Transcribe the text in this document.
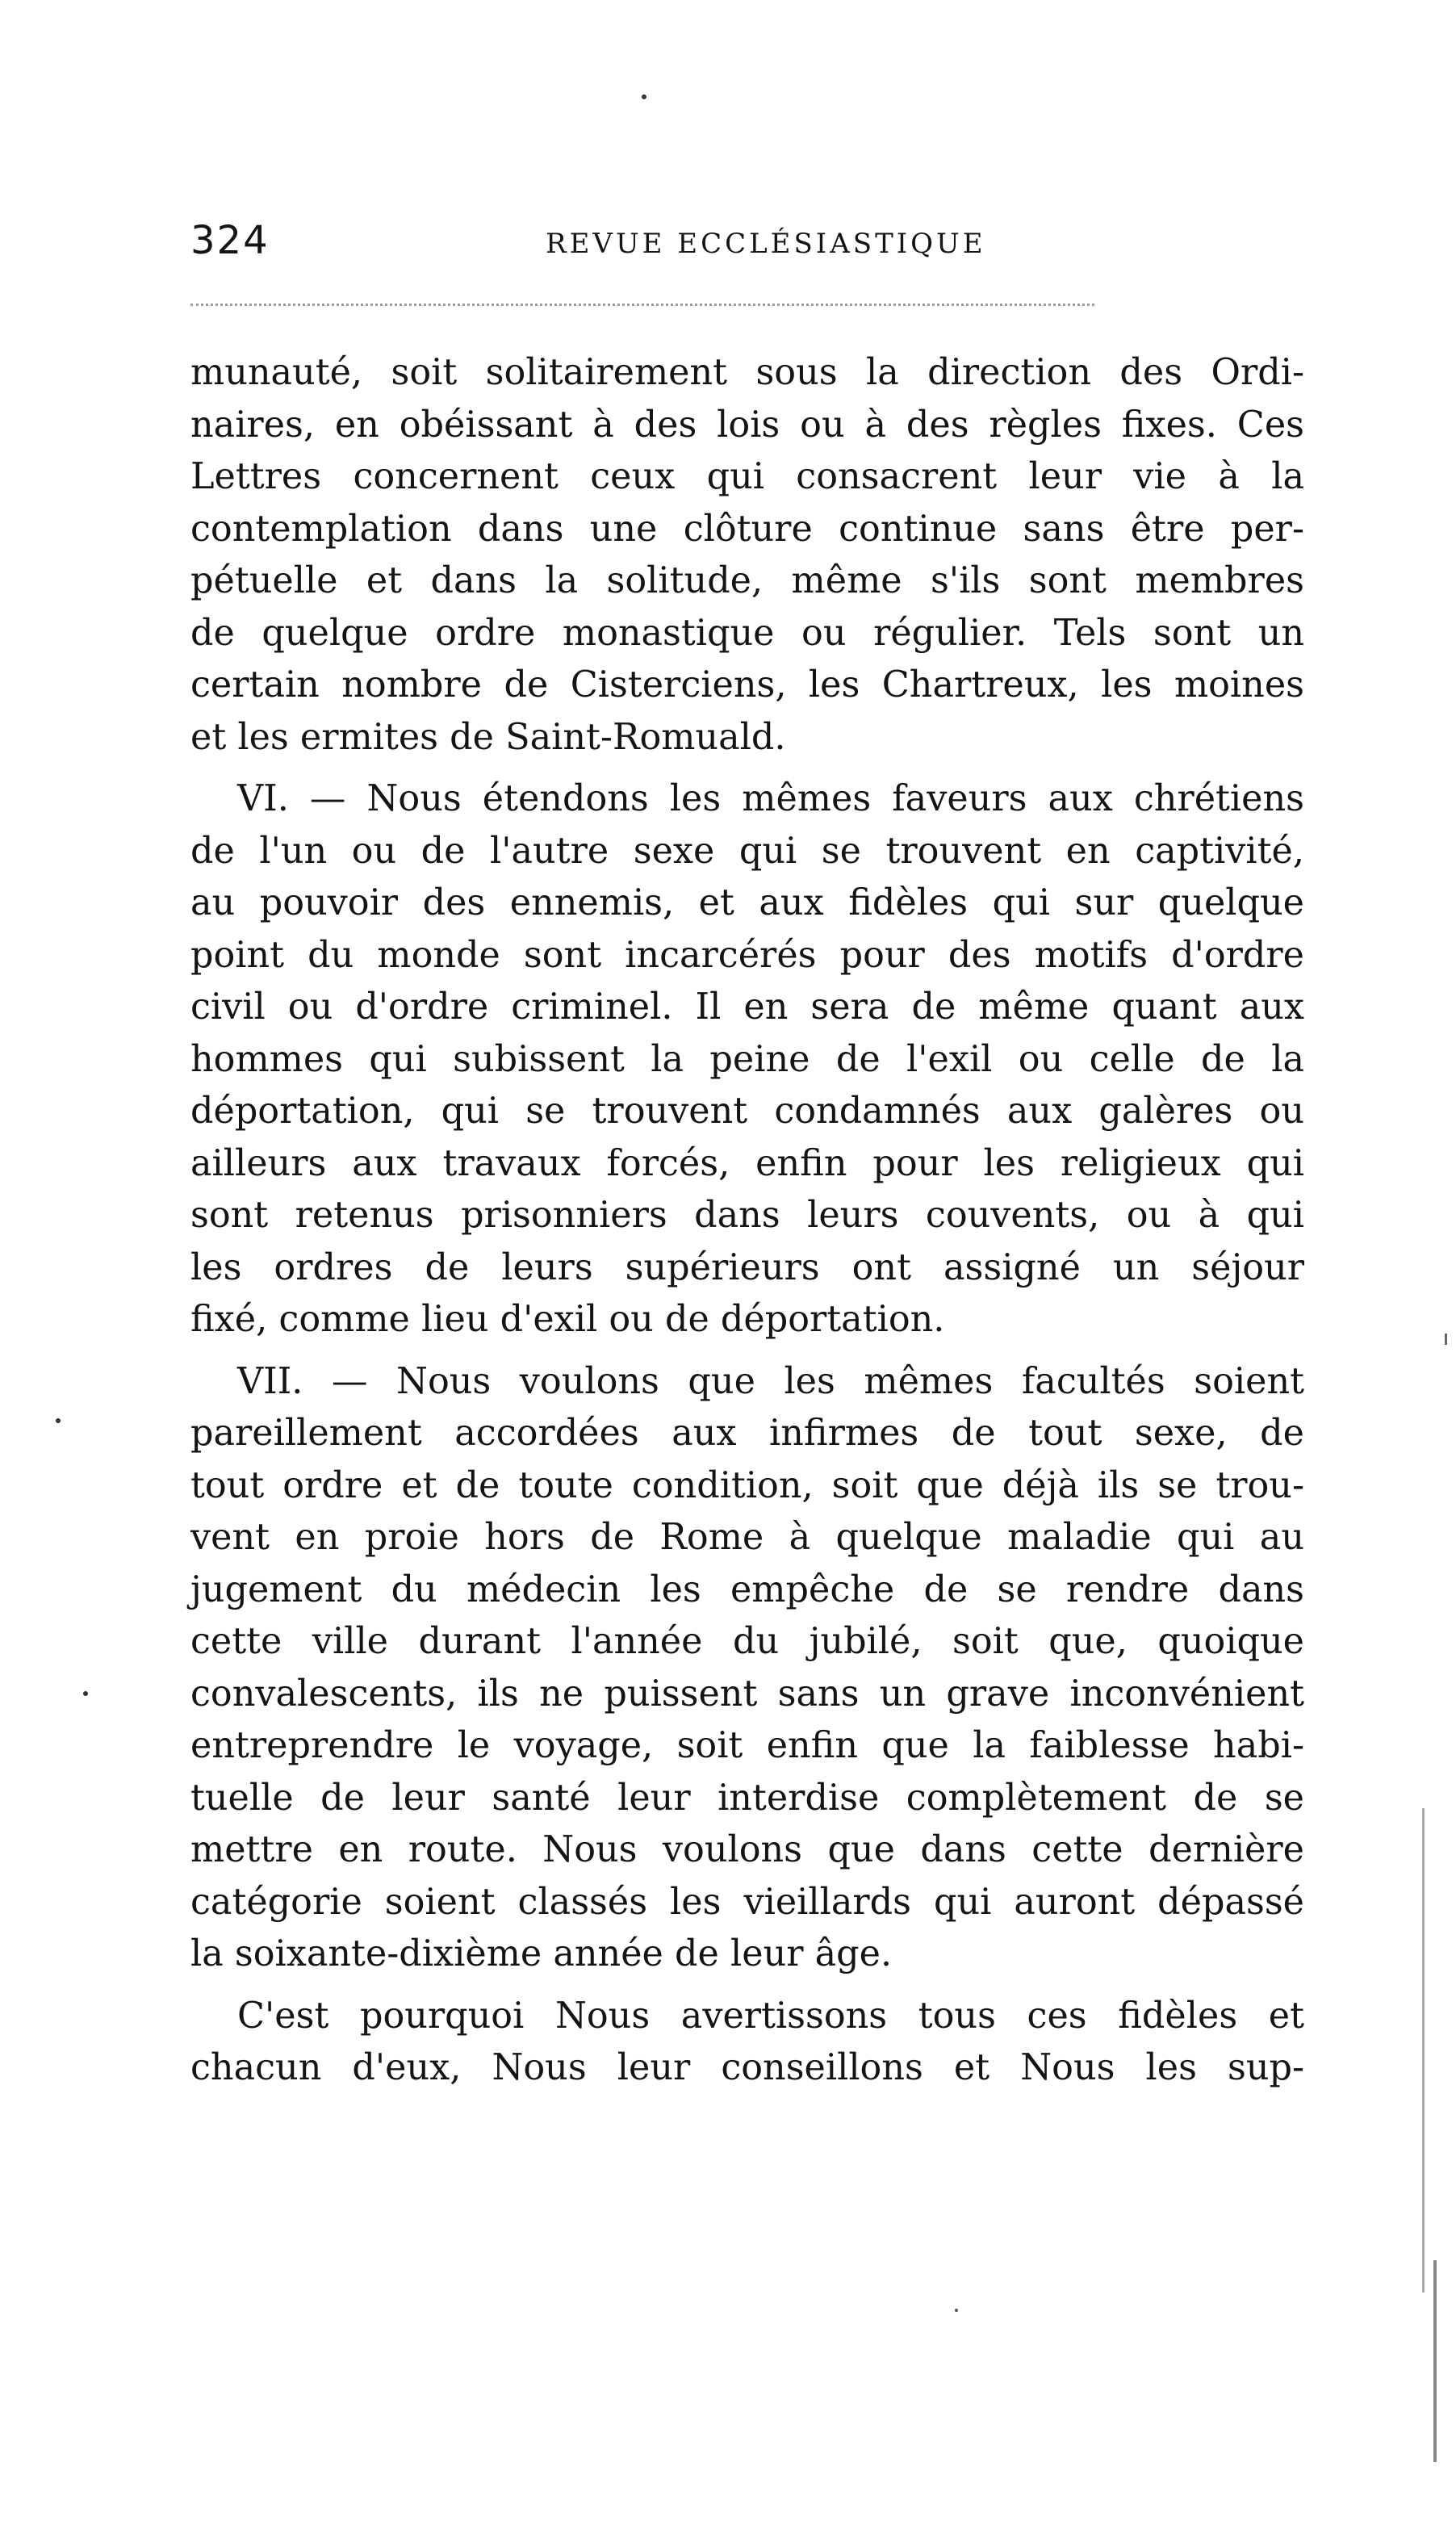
324	REVUE ECCLÉSIASTIQUE
munauté, soit solitairement sous la direction des Ordi-
naires, en obéissant à des lois ou à des règles fixes. Ces
Lettres concernent ceux qui consacrent leur vie à la
contemplation dans une clôture continue sans être per-
pétuelle et dans la solitude, même s'ils sont membres
de quelque ordre monastique ou régulier. Tels sont un
certain nombre de Cisterciens, les Chartreux, les moines
et les ermites de Saint-Romuald.
VI. — Nous étendons les mêmes faveurs aux chrétiens
de l'un ou de l'autre sexe qui se trouvent en captivité,
au pouvoir des ennemis, et aux fidèles qui sur quelque
point du monde sont incarcérés pour des motifs d'ordre
civil ou d'ordre criminel. Il en sera de même quant aux
hommes qui subissent la peine de l'exil ou celle de la
déportation, qui se trouvent condamnés aux galères ou
ailleurs aux travaux forcés, enfin pour les religieux qui
sont retenus prisonniers dans leurs couvents, ou à qui
les ordres de leurs supérieurs ont assigné un séjour
fixé, comme lieu d'exil ou de déportation.
VII. — Nous voulons que les mêmes facultés soient
pareillement accordées aux infirmes de tout sexe, de
tout ordre et de toute condition, soit que déjà ils se trou-
vent en proie hors de Rome à quelque maladie qui au
jugement du médecin les empêche de se rendre dans
cette ville durant l'année du jubilé, soit que, quoique
convalescents, ils ne puissent sans un grave inconvénient
entreprendre le voyage, soit enfin que la faiblesse habi-
tuelle de leur santé leur interdise complètement de se
mettre en route. Nous voulons que dans cette dernière
catégorie soient classés les vieillards qui auront dépassé
la soixante-dixième année de leur âge.
C'est pourquoi Nous avertissons tous ces fidèles et
chacun d'eux, Nous leur conseillons et Nous les sup-
